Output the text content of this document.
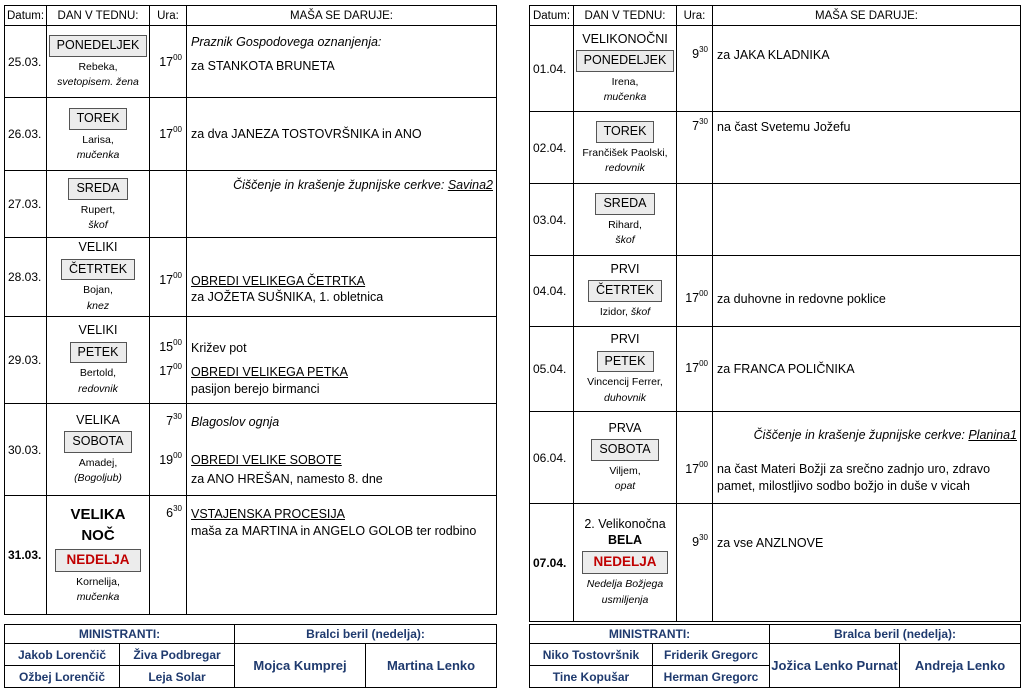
Datum:	DAN V TEDNU:	Ura:	MAŠA SE DARUJE:
25.03.	PONEDELJEK
Rebeka,
svetopisem. žena	$17^{00}$	Praznik Gospodovega oznanjenja:
za STANKOTA BRUNETA

26.03.	TOREK
Larisa,
mučenka	$17^{00}$	za dva JANEZA TOSTOVRŠNIKA in ANO

27.03.	SREDA
Rupert,
škof		Čiščenje in krašenje župnijske cerkve: Savina2

28.03.	VELIKI
ČETRTEK
Bojan,
knez	$17^{00}$	OBREDI VELIKEGA ČETRTKA
za JOŽETA SUŠNIKA, 1. obletnica

29.03.	VELIKI
PETEK
Bertold,
redovnik	$15^{00}$
$17^{00}$	Križev pot
OBREDI VELIKEGA PETKA
pasijon berejo birmanci

30.03.	VELIKA
SOBOTA
Amadej,
(Bogoljub)	$7^{30}$
$19^{00}$	Blagoslov ognja
OBREDI VELIKE SOBOTE
za ANO HREŠAN, namesto 8. dne

31.03.	VELIKA
NOČ
NEDELJA
Kornelija,
mučenka	$6^{30}$	VSTAJENSKA PROCESIJA
maša za MARTINA in ANGELO GOLOB ter rodbino
MINISTRANTI:		Bralci beril (nedelja):	
Jakob Lorenčič	Živa Podbregar	Mojca Kumprej	Martina Lenko
Ožbej Lorenčič	Leja Solar		
Datum:	DAN V TEDNU:	Ura:	MAŠA SE DARUJE:
01.04.	VELIKONOČNI
PONEDELJEK
Irena,
mučenka	$9^{30}$	za JAKA KLADNIKA

02.04.	TOREK
Frančišek Paolski,
redovnik	$7^{30}$	na čast Svetemu Jožefu

03.04.	SREDA
Rihard,
škof		

04.04.	PRVI
ČETRTEK
Izidor, škof	$17^{00}$	za duhovne in redovne poklice

05.04.	PRVI
PETEK
Vincencij Ferrer,
duhovnik	$17^{00}$	za FRANCA POLIČNIKA

06.04.	PRVA
SOBOTA
Viljem,
opat	$17^{00}$	Čiščenje in krašenje župnijske cerkve: Planina1
na čast Materi Božji za srečno zadnjo uro, zdravo
pamet, milostljivo sodbo božjo in duše v vicah

07.04.	2. Velikonočna
BELA
NEDELJA
Nedelja Božjega
usmiljenja	$9^{30}$	za vse ANZLNOVE
MINISTRANTI:		Bralca beril (nedelja):	
Niko Tostovršnik	Friderik Gregorc	Jožica Lenko Purnat	Andreja Lenko
Tine Kopušar	Herman Gregorc		
